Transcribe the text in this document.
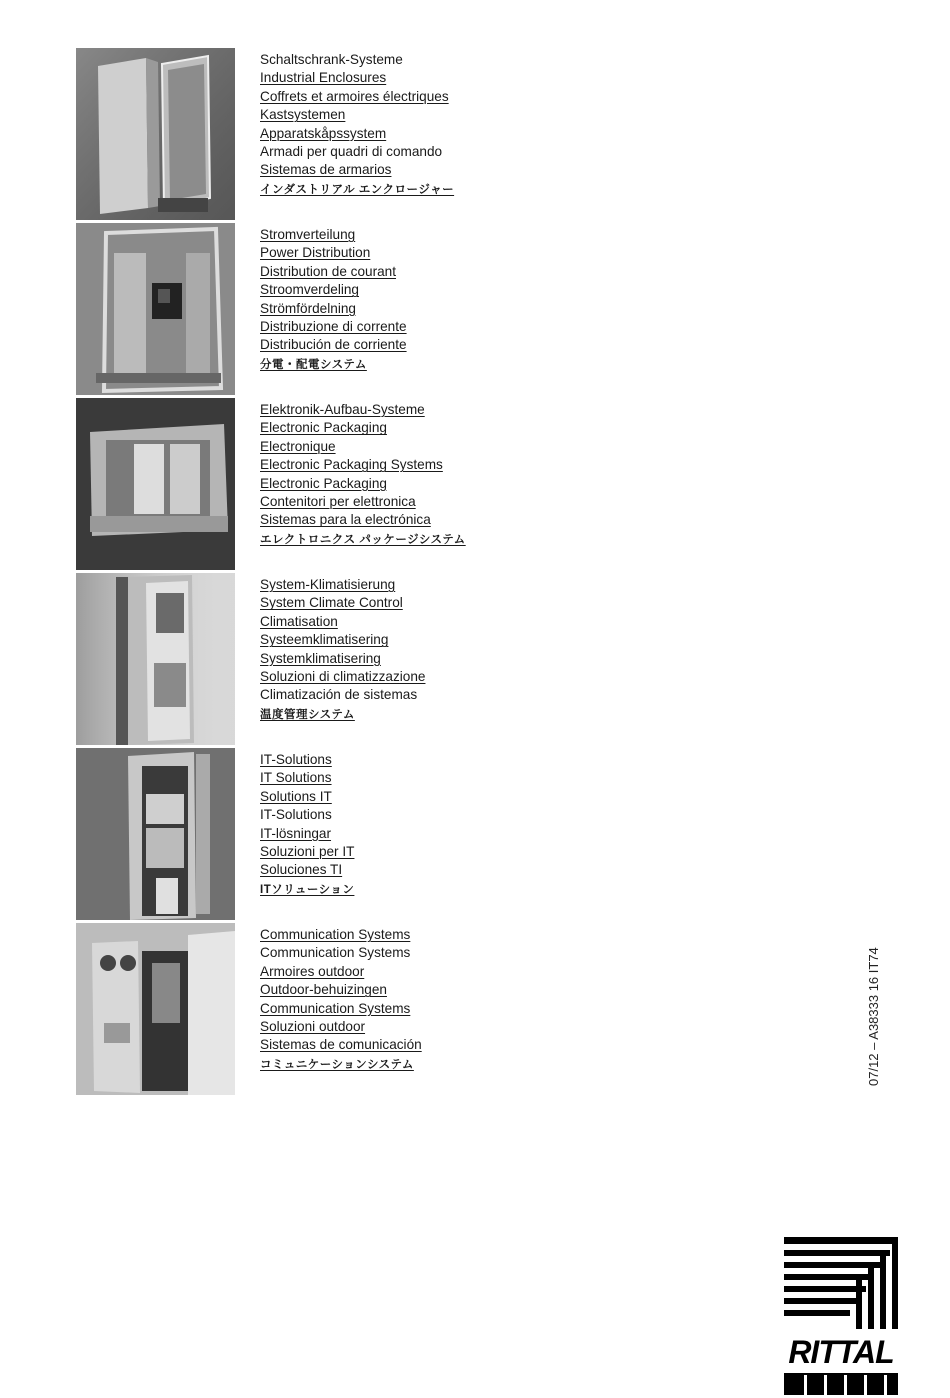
Schaltschrank-Systeme
Industrial Enclosures
Coffrets et armoires électriques
Kastsystemen
Apparatskåpssystem
Armadi per quadri di comando
Sistemas de armarios
インダストリアル エンクロージャー
Stromverteilung
Power Distribution
Distribution de courant
Stroomverdeling
Strömfördelning
Distribuzione di corrente
Distribución de corriente
分電・配電システム
Elektronik-Aufbau-Systeme
Electronic Packaging
Electronique
Electronic Packaging Systems
Electronic Packaging
Contenitori per elettronica
Sistemas para la electrónica
エレクトロニクス パッケージシステム
System-Klimatisierung
System Climate Control
Climatisation
Systeemklimatisering
Systemklimatisering
Soluzioni di climatizzazione
Climatización de sistemas
温度管理システム
IT-Solutions
IT Solutions
Solutions IT
IT-Solutions
IT-lösningar
Soluzioni per IT
Soluciones TI
ITソリューション
Communication Systems
Communication Systems
Armoires outdoor
Outdoor-behuizingen
Communication Systems
Soluzioni outdoor
Sistemas de comunicación
コミュニケーションシステム	07/12 – A38333 16 IT74
RITTAL
